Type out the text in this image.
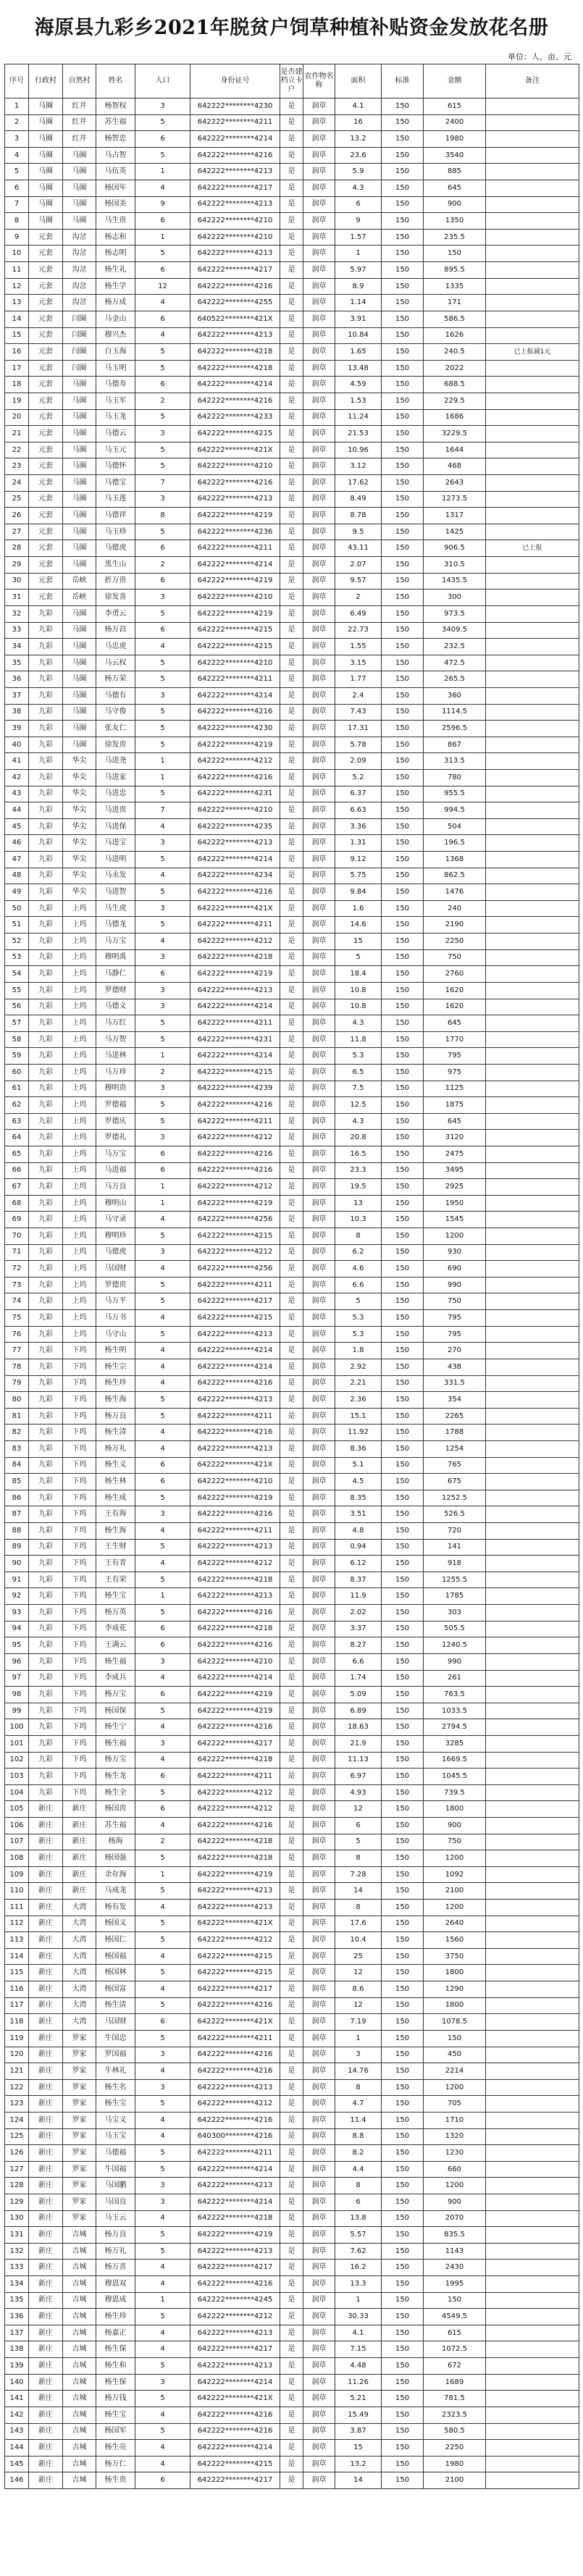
海原县九彩乡2021年脱贫户饲草种植补贴资金发放花名册
单位：人、亩、元
序号	行政村	自然村	姓名	人口	身份证号	是否建档立卡户	农作物名称	面积	标准	金额	备注
1	马圈	红井	杨智权	3	642222********4230	是	润草	4.1	150	615	
2	马圈	红井	苏生福	5	642222********4211	是	润草	16	150	2400	
3	马圈	红井	杨智忠	6	642222********4214	是	润草	13.2	150	1980	
4	马圈	马圈	马占智	5	642222********4216	是	润草	23.6	150	3540	
5	马圈	马圈	马伍英	1	642222********4213	是	润草	5.9	150	885	
6	马圈	马圈	杨国年	4	642222********4217	是	润草	4.3	150	645	
7	马圈	马圈	杨国美	9	642222********4213	是	润草	6	150	900	
8	马圈	马圈	马生贵	6	642222********4210	是	润草	9	150	1350	
9	元套	沟岔	杨志和	1	642222********4210	是	润草	1.57	150	235.5	
10	元套	沟岔	杨志明	5	642222********4213	是	润草	1	150	150	
11	元套	沟岔	杨生礼	6	642222********4217	是	润草	5.97	150	895.5	
12	元套	沟岔	杨生学	12	642222********4216	是	润草	8.9	150	1335	
13	元套	沟岔	杨万成	4	642222********4255	是	润草	1.14	150	171	
14	元套	闫圈	马金山	6	640522********421X	是	润草	3.91	150	586.5	
15	元套	闫圈	穆兴杰	4	642222********4213	是	润草	10.84	150	1626	
16	元套	闫圈	白玉海	5	642222********4218	是	润草	1.65	150	240.5	已上报减1元
17	元套	闫圈	马玉明	5	642222********4218	是	润草	13.48	150	2022	
18	元套	马圈	马德寿	6	642222********4214	是	润草	4.59	150	688.5	
19	元套	马圈	马玉军	2	642222********4216	是	润草	1.53	150	229.5	
20	元套	马圈	马玉龙	5	642222********4233	是	润草	11.24	150	1686	
21	元套	马圈	马德云	3	642222********4215	是	润草	21.53	150	3229.5	
22	元套	马圈	马玉元	5	642222********421X	是	润草	10.96	150	1644	
23	元套	马圈	马德怀	5	642222********4210	是	润草	3.12	150	468	
24	元套	马圈	马德宝	7	642222********4216	是	润草	17.62	150	2643	
25	元套	马圈	马玉莲	3	642222********4213	是	润草	8.49	150	1273.5	
26	元套	马圈	马德祥	8	642222********4219	是	润草	8.78	150	1317	
27	元套	马圈	马玉珍	5	642222********4236	是	润草	9.5	150	1425	
28	元套	马圈	马德虎	6	642222********4211	是	润草	43.11	150	906.5	已上报
29	元套	马圈	黑生山	2	642222********4214	是	润草	2.07	150	310.5	
30	元套	岳峡	折万贵	6	642222********4219	是	润草	9.57	150	1435.5	
31	元套	岳峡	徐发喜	3	642222********4210	是	润草	2	150	300	
32	九彩	马圈	李勇云	5	642222********4219	是	润草	6.49	150	973.5	
33	九彩	马圈	杨万昌	6	642222********4215	是	润草	22.73	150	3409.5	
34	九彩	马圈	马忠虎	4	642222********4215	是	润草	1.55	150	232.5	
35	九彩	马圈	马云权	5	642222********4210	是	润草	3.15	150	472.5	
36	九彩	马圈	杨万荣	5	642222********4211	是	润草	1.77	150	265.5	
37	九彩	马圈	马德有	3	642222********4214	是	润草	2.4	150	360	
38	九彩	马圈	马守俊	5	642222********4216	是	润草	7.43	150	1114.5	
39	九彩	马圈	张友仁	5	642222********4230	是	润草	17.31	150	2596.5	
40	九彩	马圈	徐发贵	5	642222********4219	是	润草	5.78	150	867	
41	九彩	华尖	马进尧	1	642222********4212	是	润草	2.09	150	313.5	
42	九彩	华尖	马进家	1	642222********4216	是	润草	5.2	150	780	
43	九彩	华尖	马进忠	5	642222********4231	是	润草	6.37	150	955.5	
44	九彩	华尖	马进贵	7	642222********4210	是	润草	6.63	150	994.5	
45	九彩	华尖	马进保	4	642222********4235	是	润草	3.36	150	504	
46	九彩	华尖	马进宝	3	642222********4213	是	润草	1.31	150	196.5	
47	九彩	华尖	马进明	5	642222********4214	是	润草	9.12	150	1368	
48	九彩	华尖	马永发	4	642222********4234	是	润草	5.75	150	862.5	
49	九彩	华尖	马进智	5	642222********4216	是	润草	9.84	150	1476	
50	九彩	上坞	马生虎	3	642222********421X	是	润草	1.6	150	240	
51	九彩	上坞	马德龙	5	642222********4211	是	润草	14.6	150	2190	
52	九彩	上坞	马万宝	4	642222********4212	是	润草	15	150	2250	
53	九彩	上坞	穆明禹	3	642222********4218	是	润草	5	150	750	
54	九彩	上坞	马静仁	6	642222********4219	是	润草	18.4	150	2760	
55	九彩	上坞	罗德财	3	642222********4213	是	润草	10.8	150	1620	
56	九彩	上坞	马德义	3	642222********4214	是	润草	10.8	150	1620	
57	九彩	上坞	马万红	5	642222********4211	是	润草	4.3	150	645	
58	九彩	上坞	马万智	5	642222********4231	是	润草	11.8	150	1770	
59	九彩	上坞	马进林	1	642222********4214	是	润草	5.3	150	795	
60	九彩	上坞	马万珍	2	642222********4215	是	润草	6.5	150	975	
61	九彩	上坞	穆明贵	3	642222********4239	是	润草	7.5	150	1125	
62	九彩	上坞	罗德福	5	642222********4216	是	润草	12.5	150	1875	
63	九彩	上坞	罗德庆	5	642222********4211	是	润草	4.3	150	645	
64	九彩	上坞	罗德礼	3	642222********4212	是	润草	20.8	150	3120	
65	九彩	上坞	马万宝	6	642222********4216	是	润草	16.5	150	2475	
66	九彩	上坞	马进福	6	642222********4216	是	润草	23.3	150	3495	
67	九彩	上坞	马万良	1	642222********4212	是	润草	19.5	150	2925	
68	九彩	上坞	穆明山	1	642222********4219	是	润草	13	150	1950	
69	九彩	上坞	马守录	4	642222********4256	是	润草	10.3	150	1545	
70	九彩	上坞	穆明珍	5	642222********4215	是	润草	8	150	1200	
71	九彩	上坞	马德虎	3	642222********4212	是	润草	6.2	150	930	
72	九彩	上坞	马国财	4	642222********4256	是	润草	4.6	150	690	
73	九彩	上坞	罗德贵	5	642222********4211	是	润草	6.6	150	990	
74	九彩	上坞	马万平	5	642222********4217	是	润草	5	150	750	
75	九彩	上坞	马万书	4	642222********4215	是	润草	5.3	150	795	
76	九彩	上坞	马守山	5	642222********4213	是	润草	5.3	150	795	
77	九彩	下坞	杨生明	4	642222********4214	是	润草	1.8	150	270	
78	九彩	下坞	杨生宗	4	642222********4214	是	润草	2.92	150	438	
79	九彩	下坞	杨生珍	4	642222********4216	是	润草	2.21	150	331.5	
80	九彩	下坞	杨生海	5	642222********4213	是	润草	2.36	150	354	
81	九彩	下坞	杨万良	5	642222********4211	是	润草	15.1	150	2265	
82	九彩	下坞	杨生清	4	642222********4216	是	润草	11.92	150	1788	
83	九彩	下坞	杨万礼	4	642222********4213	是	润草	8.36	150	1254	
84	九彩	下坞	杨生义	6	642222********421X	是	润草	5.1	150	765	
85	九彩	下坞	杨生林	6	642222********4210	是	润草	4.5	150	675	
86	九彩	下坞	杨生成	5	642222********4219	是	润草	8.35	150	1252.5	
87	九彩	下坞	王有海	3	642222********4216	是	润草	3.51	150	526.5	
88	九彩	下坞	杨生海	4	642222********4211	是	润草	4.8	150	720	
89	九彩	下坞	王生财	5	642222********4213	是	润草	0.94	150	141	
90	九彩	下坞	王有青	4	642222********4212	是	润草	6.12	150	918	
91	九彩	下坞	王有荣	5	642222********4218	是	润草	8.37	150	1255.5	
92	九彩	下坞	杨生宝	1	642222********4213	是	润草	11.9	150	1785	
93	九彩	下坞	杨万英	5	642222********4216	是	润草	2.02	150	303	
94	九彩	下坞	李成花	6	642222********4218	是	润草	3.37	150	505.5	
95	九彩	下坞	王满云	6	642222********4216	是	润草	8.27	150	1240.5	
96	九彩	下坞	杨生福	3	642222********4210	是	润草	6.6	150	990	
97	九彩	下坞	李成兵	4	642222********4214	是	润草	1.74	150	261	
98	九彩	下坞	杨万宝	6	642222********4219	是	润草	5.09	150	763.5	
99	九彩	下坞	杨国保	5	642222********4219	是	润草	6.89	150	1033.5	
100	九彩	下坞	杨生宁	4	642222********4216	是	润草	18.63	150	2794.5	
101	九彩	下坞	杨生福	3	642222********4217	是	润草	21.9	150	3285	
102	九彩	下坞	杨万宝	4	642222********4218	是	润草	11.13	150	1669.5	
103	九彩	下坞	杨生龙	6	642222********4211	是	润草	6.97	150	1045.5	
104	九彩	下坞	杨生全	5	642222********4212	是	润草	4.93	150	739.5	
105	新庄	新庄	杨国贵	6	642222********4212	是	润草	12	150	1800	
106	新庄	新庄	苏生福	4	642222********4216	是	润草	6	150	900	
107	新庄	新庄	杨海	2	642222********4218	是	润草	5	150	750	
108	新庄	新庄	杨国强	5	642222********4218	是	润草	8	150	1200	
109	新庄	新庄	余存海	1	642222********4219	是	润草	7.28	150	1092	
110	新庄	新庄	马成龙	5	642222********4213	是	润草	14	150	2100	
111	新庄	大湾	杨有发	4	642222********4213	是	润草	8	150	1200	
112	新庄	大湾	杨国义	5	642222********421X	是	润草	17.6	150	2640	
113	新庄	大湾	杨国仁	5	642222********4212	是	润草	10.4	150	1560	
114	新庄	大湾	杨国福	4	642222********4215	是	润草	25	150	3750	
115	新庄	大湾	杨国林	5	642222********4215	是	润草	12	150	1800	
116	新庄	大湾	杨国富	4	642222********4217	是	润草	8.6	150	1290	
117	新庄	大湾	杨生清	5	642222********4216	是	润草	12	150	1800	
118	新庄	大湾	马国财	6	642222********421X	是	润草	7.19	150	1078.5	
119	新庄	罗家	牛国忠	5	642222********4211	是	润草	1	150	150	
120	新庄	罗家	罗国福	3	642222********4216	是	润草	3	150	450	
121	新庄	罗家	牛林礼	4	642222********4216	是	润草	14.76	150	2214	
122	新庄	罗家	杨生名	3	642222********4213	是	润草	8	150	1200	
123	新庄	罗家	杨生宝	5	642222********4212	是	润草	4.7	150	705	
124	新庄	罗家	马宝义	4	642222********4216	是	润草	11.4	150	1710	
125	新庄	罗家	马玉宝	4	640300********4216	是	润草	8.8	150	1320	
126	新庄	罗家	马德福	5	642222********4211	是	润草	8.2	150	1230	
127	新庄	罗家	牛国福	5	642222********4214	是	润草	4.4	150	660	
128	新庄	罗家	马国鹏	3	642222********4213	是	润草	8	150	1200	
129	新庄	罗家	马国良	3	642222********4214	是	润草	6	150	900	
130	新庄	罗家	马玉云	4	642222********4218	是	润草	13.8	150	2070	
131	新庄	吉城	杨万良	5	642222********4219	是	润草	5.57	150	835.5	
132	新庄	吉城	杨万礼	5	642222********4213	是	润草	7.62	150	1143	
133	新庄	吉城	杨万喜	4	642222********4217	是	润草	16.2	150	2430	
134	新庄	吉城	穆恩双	4	642222********4216	是	润草	13.3	150	1995	
135	新庄	吉城	穆恩成	1	642222********4245	是	润草	1	150	150	
136	新庄	吉城	杨生珍	5	642222********4212	是	润草	30.33	150	4549.5	
137	新庄	吉城	杨嘉正	4	642222********4213	是	润草	4.1	150	615	
138	新庄	吉城	杨生保	4	642222********4217	是	润草	7.15	150	1072.5	
139	新庄	吉城	杨生和	5	642222********4213	是	润草	4.48	150	672	
140	新庄	吉城	杨生保	3	642222********4214	是	润草	11.26	150	1689	
141	新庄	吉城	杨万钱	5	642222********421X	是	润草	5.21	150	781.5	
142	新庄	吉城	杨生宝	4	642222********4216	是	润草	15.49	150	2323.5	
143	新庄	吉城	杨国军	5	642222********4216	是	润草	3.87	150	580.5	
144	新庄	吉城	杨生亮	4	642222********4214	是	润草	15	150	2250	
145	新庄	吉城	杨万仁	4	642222********4215	是	润草	13.2	150	1980	
146	新庄	吉城	杨生贵	6	642222********4217	是	润草	14	150	2100	
